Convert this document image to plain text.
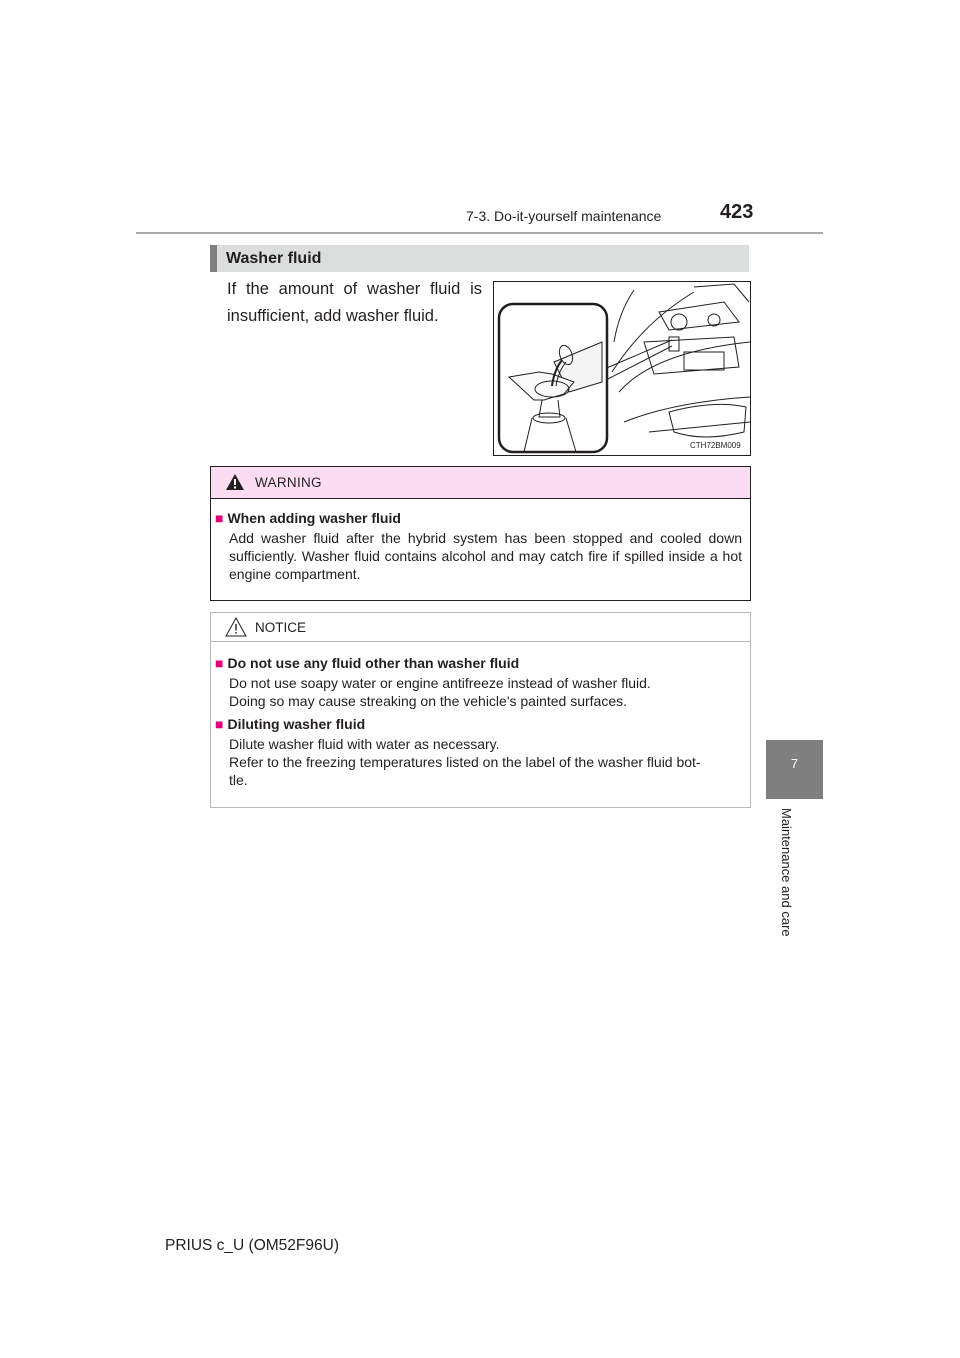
7-3. Do-it-yourself maintenance	423
7
Maintenance and care
Washer fluid
If the amount of washer fluid is insufficient, add washer fluid.
CTH72BM009
WARNING
■ When adding washer fluid
Add washer fluid after the hybrid system has been stopped and cooled down sufficiently. Washer fluid contains alcohol and may catch fire if spilled inside a hot engine compartment.
NOTICE
■ Do not use any fluid other than washer fluid
Do not use soapy water or engine antifreeze instead of washer fluid.
Doing so may cause streaking on the vehicle's painted surfaces.
■ Diluting washer fluid
Dilute washer fluid with water as necessary.
Refer to the freezing temperatures listed on the label of the washer fluid bot-
tle.
PRIUS c_U (OM52F96U)
